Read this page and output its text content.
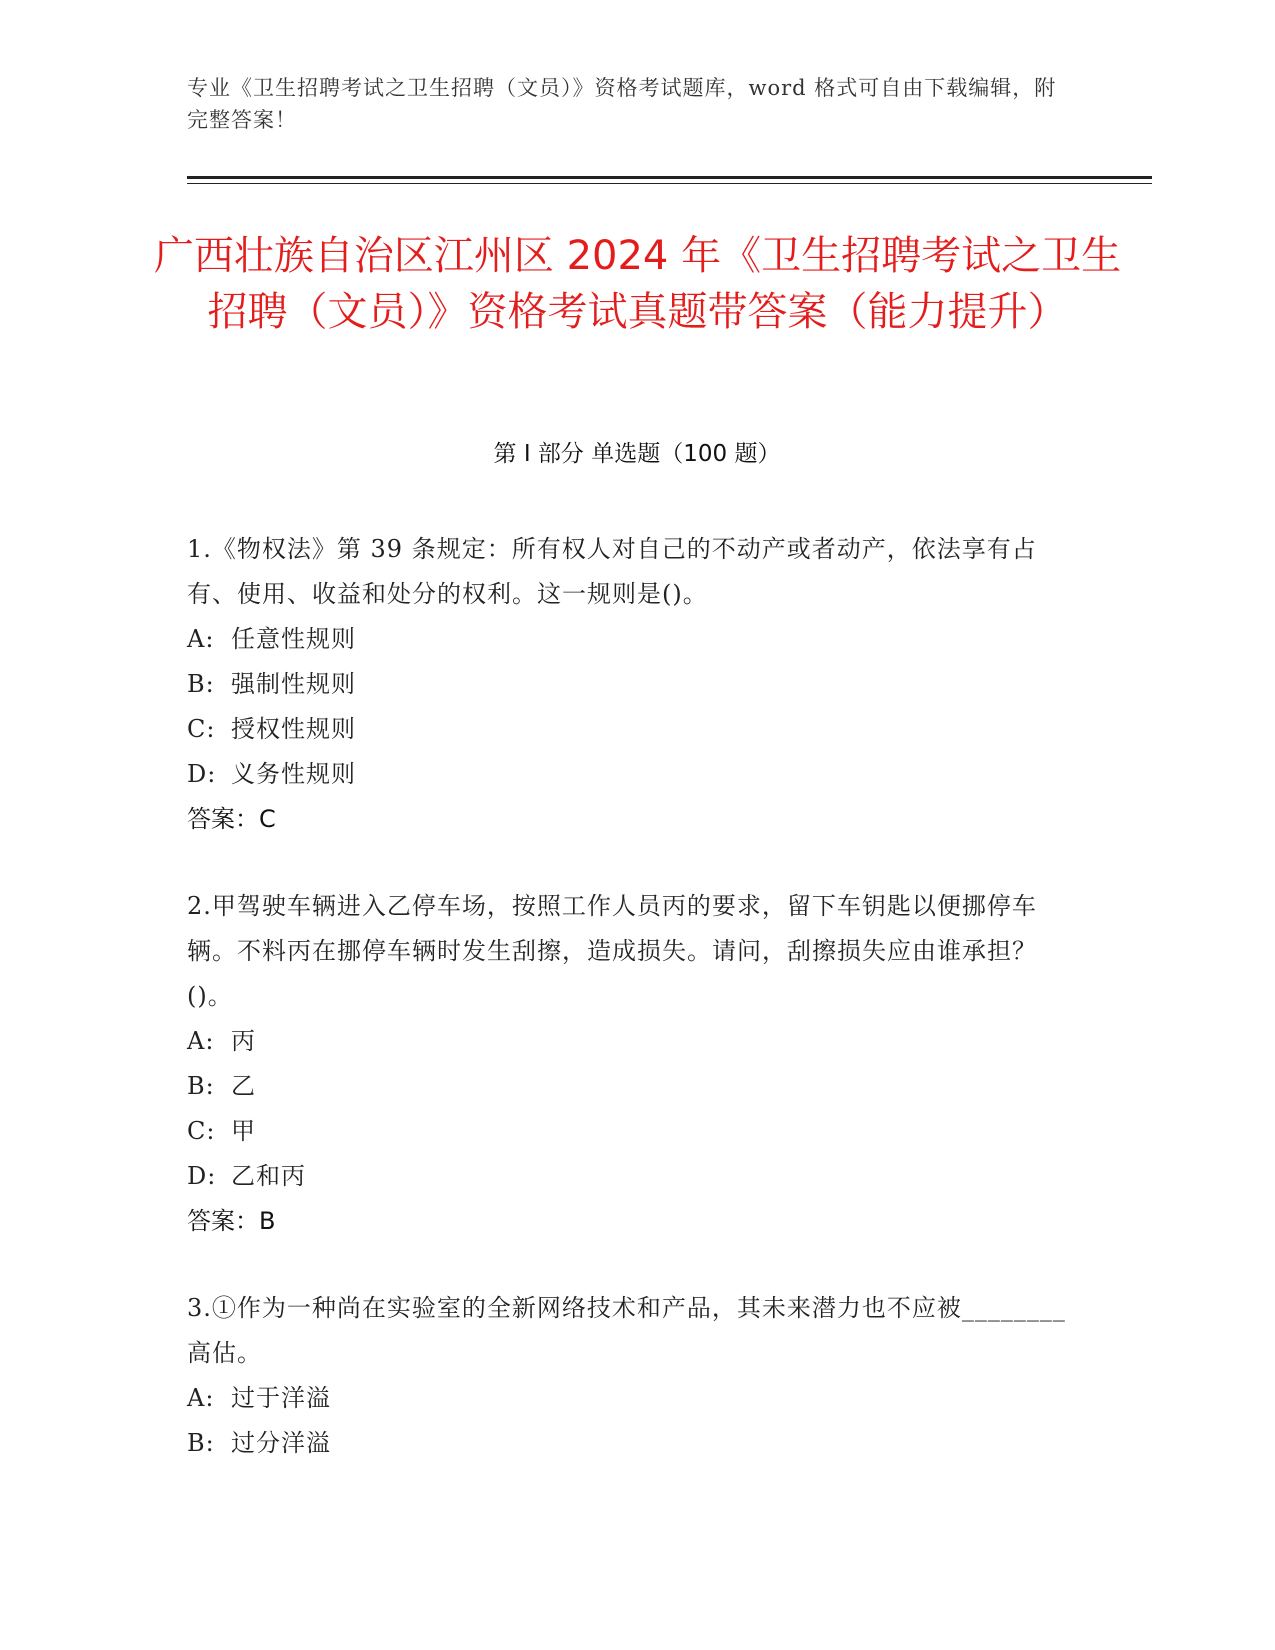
专业《卫生招聘考试之卫生招聘（文员）》资格考试题库，word 格式可自由下载编辑，附完整答案！
广西壮族自治区江州区 2024 年《卫生招聘考试之卫生招聘（文员）》资格考试真题带答案（能力提升）
第 I 部分 单选题（100 题）
1.《物权法》第 39 条规定：所有权人对自己的不动产或者动产，依法享有占有、使用、收益和处分的权利。这一规则是()。
A: 任意性规则
B: 强制性规则
C: 授权性规则
D: 义务性规则
答案：C
2.甲驾驶车辆进入乙停车场，按照工作人员丙的要求，留下车钥匙以便挪停车辆。不料丙在挪停车辆时发生刮擦，造成损失。请问，刮擦损失应由谁承担？()。
A: 丙
B: 乙
C: 甲
D: 乙和丙
答案：B
3.①作为一种尚在实验室的全新网络技术和产品，其未来潜力也不应被________高估。
A: 过于洋溢
B: 过分洋溢
